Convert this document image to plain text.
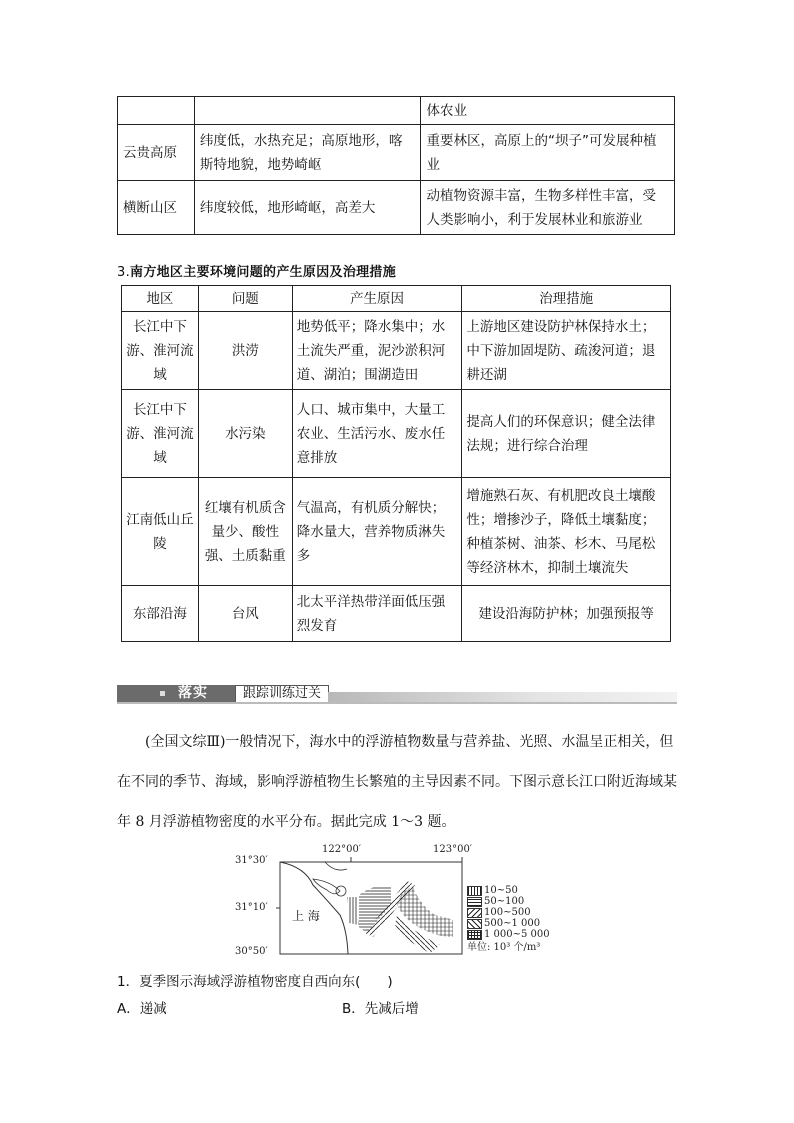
		体农业
云贵高原	纬度低，水热充足；高原地形，喀斯特地貌，地势崎岖	重要林区，高原上的“坝子”可发展种植业
横断山区	纬度较低，地形崎岖，高差大	动植物资源丰富，生物多样性丰富，受人类影响小，利于发展林业和旅游业
3.南方地区主要环境问题的产生原因及治理措施
地区	问题	产生原因	治理措施
长江中下游、淮河流域	洪涝	地势低平；降水集中；水土流失严重，泥沙淤积河道、湖泊；围湖造田	上游地区建设防护林保持水土；中下游加固堤防、疏浚河道；退耕还湖
长江中下游、淮河流域	水污染	人口、城市集中，大量工农业、生活污水、废水任意排放	提高人们的环保意识；健全法律法规；进行综合治理
江南低山丘陵	红壤有机质含量少、酸性强、土质黏重	气温高，有机质分解快；降水量大，营养物质淋失多	增施熟石灰、有机肥改良土壤酸性；增掺沙子，降低土壤黏度；种植茶树、油茶、杉木、马尾松等经济林木，抑制土壤流失
东部沿海	台风	北太平洋热带洋面低压强烈发育	建设沿海防护林；加强预报等
落实	跟踪训练过关
(全国文综Ⅲ)一般情况下，海水中的浮游植物数量与营养盐、光照、水温呈正相关，但
在不同的季节、海域，影响浮游植物生长繁殖的主导因素不同。下图示意长江口附近海域某
年 8 月浮游植物密度的水平分布。据此完成 1～3 题。
122°00′	123°00′
31°30′
31°10′
30°50′
上 海
10~50
50~100
100~500
500~1 000
1 000~5 000
单位: 10³ 个/m³
1．夏季图示海域浮游植物密度自西向东(　　)
A．递减	B．先减后增
